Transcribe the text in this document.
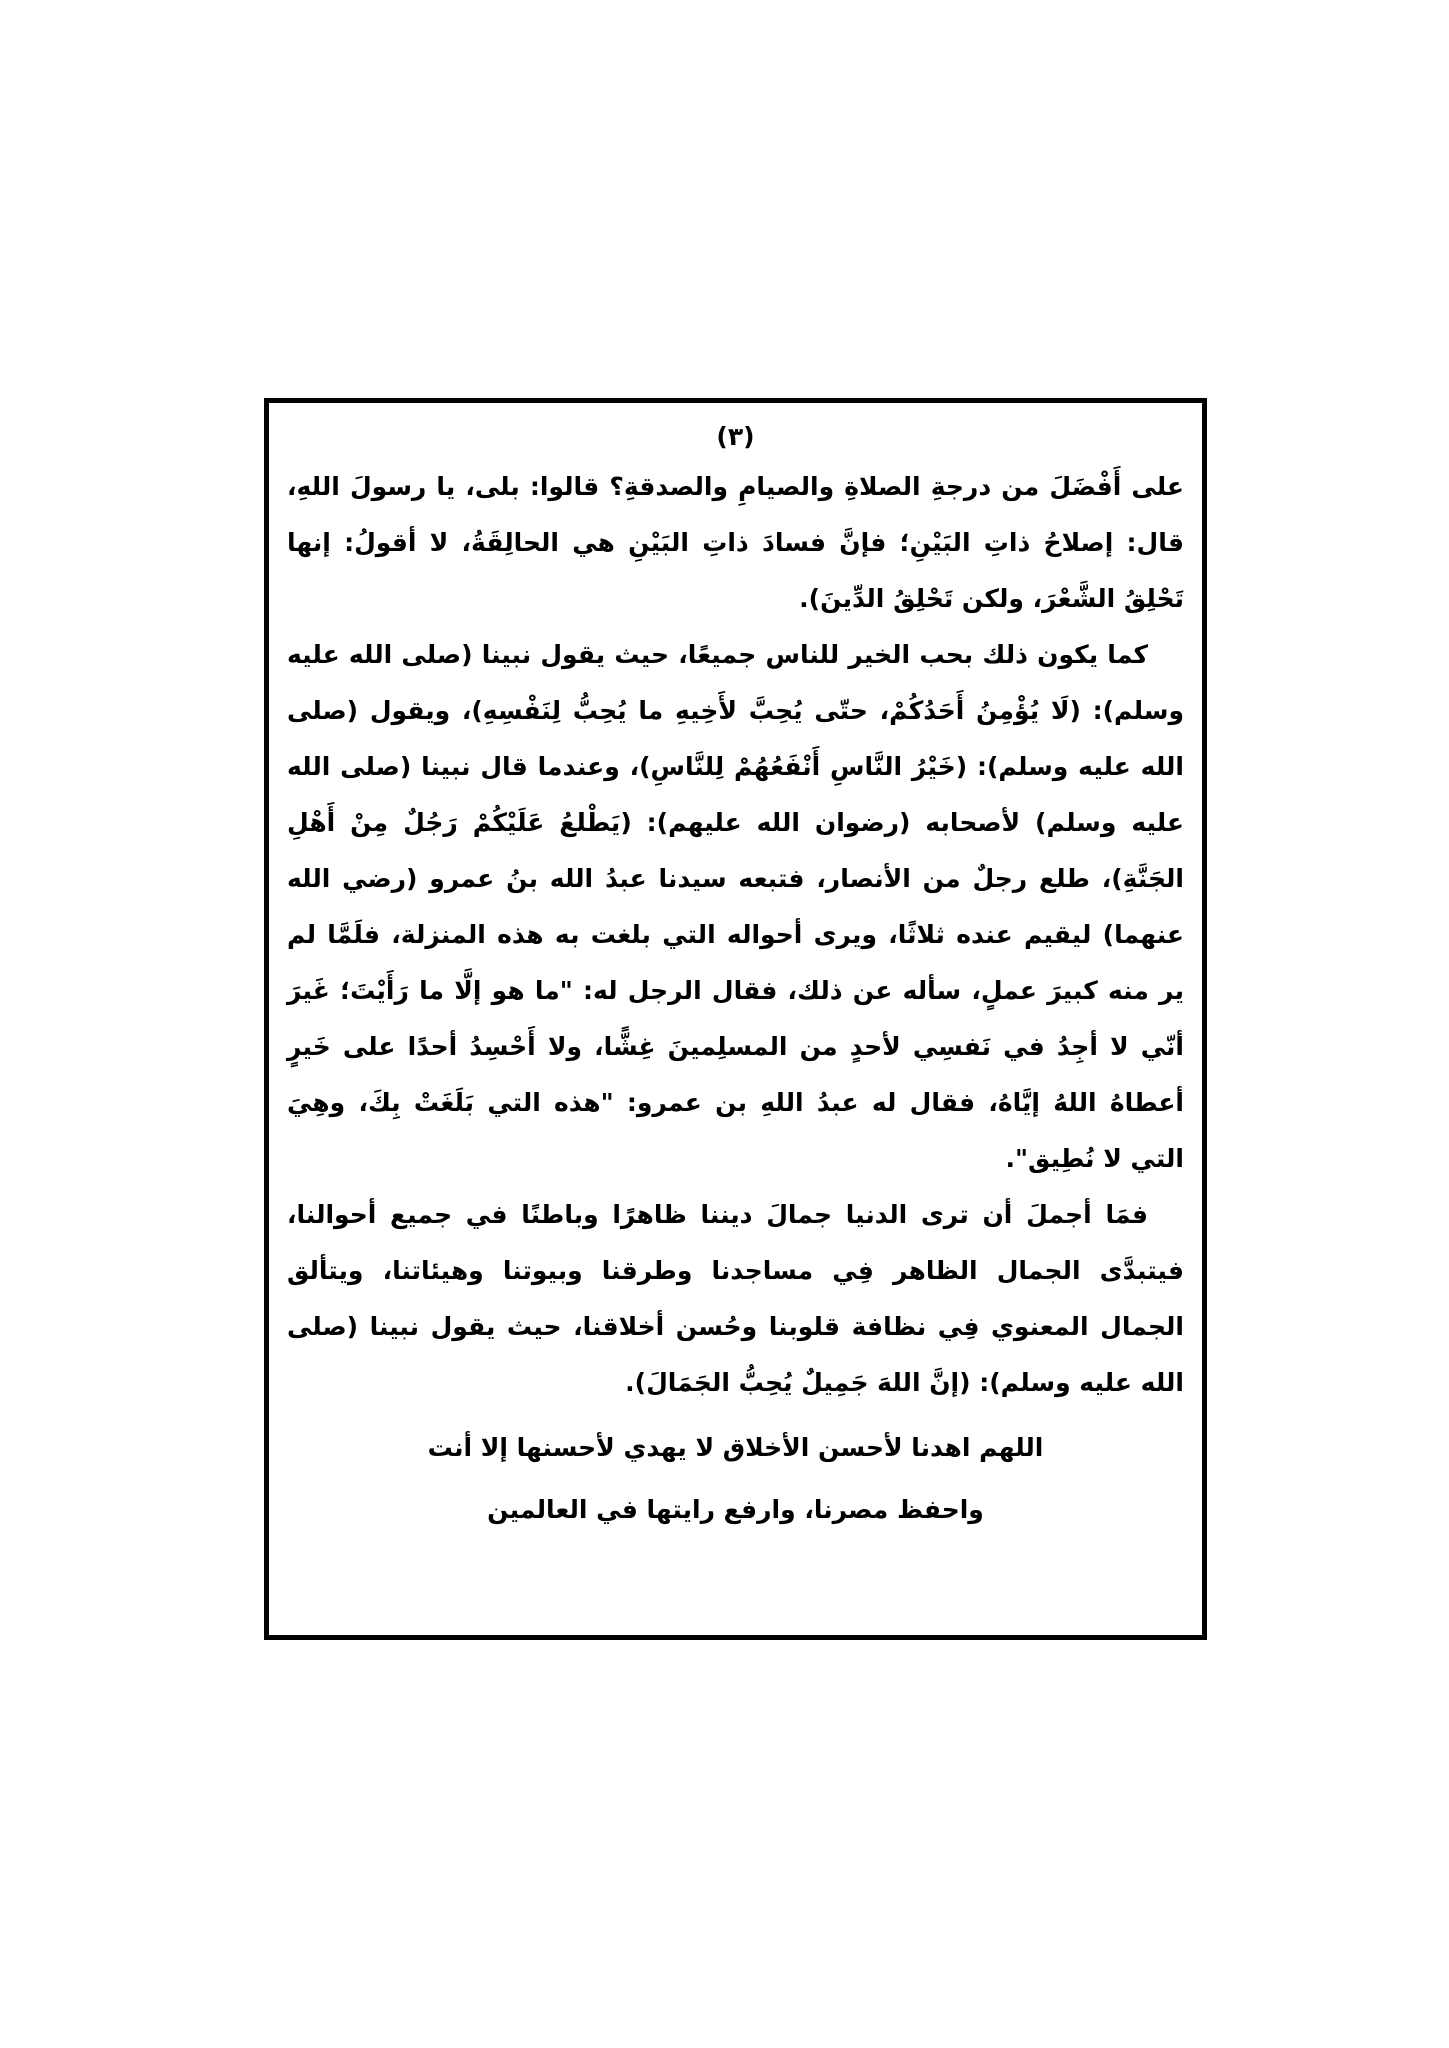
(٣)

على أَفْضَلَ من درجةِ الصلاةِ والصيامِ والصدقةِ؟ قالوا: بلى، يا رسولَ اللهِ، قال: إصلاحُ ذاتِ البَيْنِ؛ فإنَّ فسادَ ذاتِ البَيْنِ هي الحالِقَةُ، لا أقولُ: إنها تَحْلِقُ الشَّعْرَ، ولكن تَحْلِقُ الدِّينَ).

كما يكون ذلك بحب الخير للناس جميعًا، حيث يقول نبينا (صلى الله عليه وسلم): (لَا يُؤْمِنُ أَحَدُكُمْ، حتّى يُحِبَّ لأَخِيهِ ما يُحِبُّ لِنَفْسِهِ)، ويقول (صلى الله عليه وسلم): (خَيْرُ النَّاسِ أَنْفَعُهُمْ لِلنَّاسِ)، وعندما قال نبينا (صلى الله عليه وسلم) لأصحابه (رضوان الله عليهم): (يَطْلعُ عَلَيْكُمْ رَجُلٌ مِنْ أَهْلِ الجَنَّةِ)، طلع رجلٌ من الأنصار، فتبعه سيدنا عبدُ الله بنُ عمرو (رضي الله عنهما) ليقيم عنده ثلاثًا، ويرى أحواله التي بلغت به هذه المنزلة، فلَمَّا لم ير منه كبيرَ عملٍ، سأله عن ذلك، فقال الرجل له: "ما هو إلَّا ما رَأَيْتَ؛ غَيرَ أنّي لا أجِدُ في نَفسِي لأحدٍ من المسلِمينَ غِشًّا، ولا أَحْسِدُ أحدًا على خَيرٍ أعطاهُ اللهُ إيَّاهُ، فقال له عبدُ اللهِ بن عمرو: "هذه التي بَلَغَتْ بِكَ، وهِيَ التي لا نُطِيق".

فمَا أجملَ أن ترى الدنيا جمالَ ديننا ظاهرًا وباطنًا في جميع أحوالنا، فيتبدَّى الجمال الظاهر فِي مساجدنا وطرقنا وبيوتنا وهيئاتنا، ويتألق الجمال المعنوي فِي نظافة قلوبنا وحُسن أخلاقنا، حيث يقول نبينا (صلى الله عليه وسلم): (إنَّ اللهَ جَمِيلٌ يُحِبُّ الجَمَالَ).

اللهم اهدنا لأحسن الأخلاق لا يهدي لأحسنها إلا أنت

واحفظ مصرنا، وارفع رايتها في العالمين
